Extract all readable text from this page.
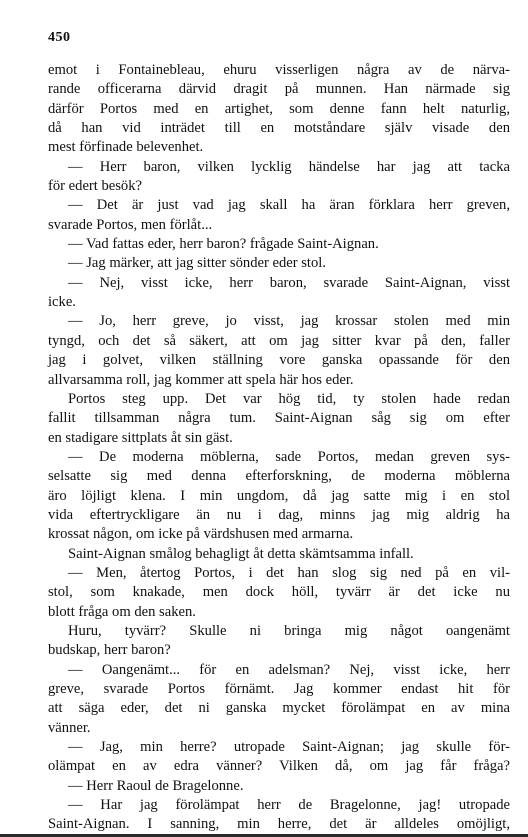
450
emot i Fontainebleau, ehuru visserligen några av de närva-
rande officerarna därvid dragit på munnen. Han närmade sig
därför Portos med en artighet, som denne fann helt naturlig,
då han vid inträdet till en motståndare själv visade den
mest förfinade belevenhet.
— Herr baron, vilken lycklig händelse har jag att tacka
för edert besök?
— Det är just vad jag skall ha äran förklara herr greven,
svarade Portos, men förlåt...
— Vad fattas eder, herr baron? frågade Saint-Aignan.
— Jag märker, att jag sitter sönder eder stol.
— Nej, visst icke, herr baron, svarade Saint-Aignan, visst
icke.
— Jo, herr greve, jo visst, jag krossar stolen med min
tyngd, och det så säkert, att om jag sitter kvar på den, faller
jag i golvet, vilken ställning vore ganska opassande för den
allvarsamma roll, jag kommer att spela här hos eder.
Portos steg upp. Det var hög tid, ty stolen hade redan
fallit tillsamman några tum. Saint-Aignan såg sig om efter
en stadigare sittplats åt sin gäst.
— De moderna möblerna, sade Portos, medan greven sys-
selsatte sig med denna efterforskning, de moderna möblerna
äro löjligt klena. I min ungdom, då jag satte mig i en stol
vida eftertryckligare än nu i dag, minns jag mig aldrig ha
krossat någon, om icke på värdshusen med armarna.
Saint-Aignan smålog behagligt åt detta skämtsamma infall.
— Men, återtog Portos, i det han slog sig ned på en vil-
stol, som knakade, men dock höll, tyvärr är det icke nu
blott fråga om den saken.
Huru, tyvärr? Skulle ni bringa mig något oangenämt
budskap, herr baron?
— Oangenämt... för en adelsman? Nej, visst icke, herr
greve, svarade Portos förnämt. Jag kommer endast hit för
att säga eder, det ni ganska mycket förolämpat en av mina
vänner.
— Jag, min herre? utropade Saint-Aignan; jag skulle för-
olämpat en av edra vänner? Vilken då, om jag får fråga?
— Herr Raoul de Bragelonne.
— Har jag förolämpat herr de Bragelonne, jag! utropade
Saint-Aignan. I sanning, min herre, det är alldeles omöjligt,
